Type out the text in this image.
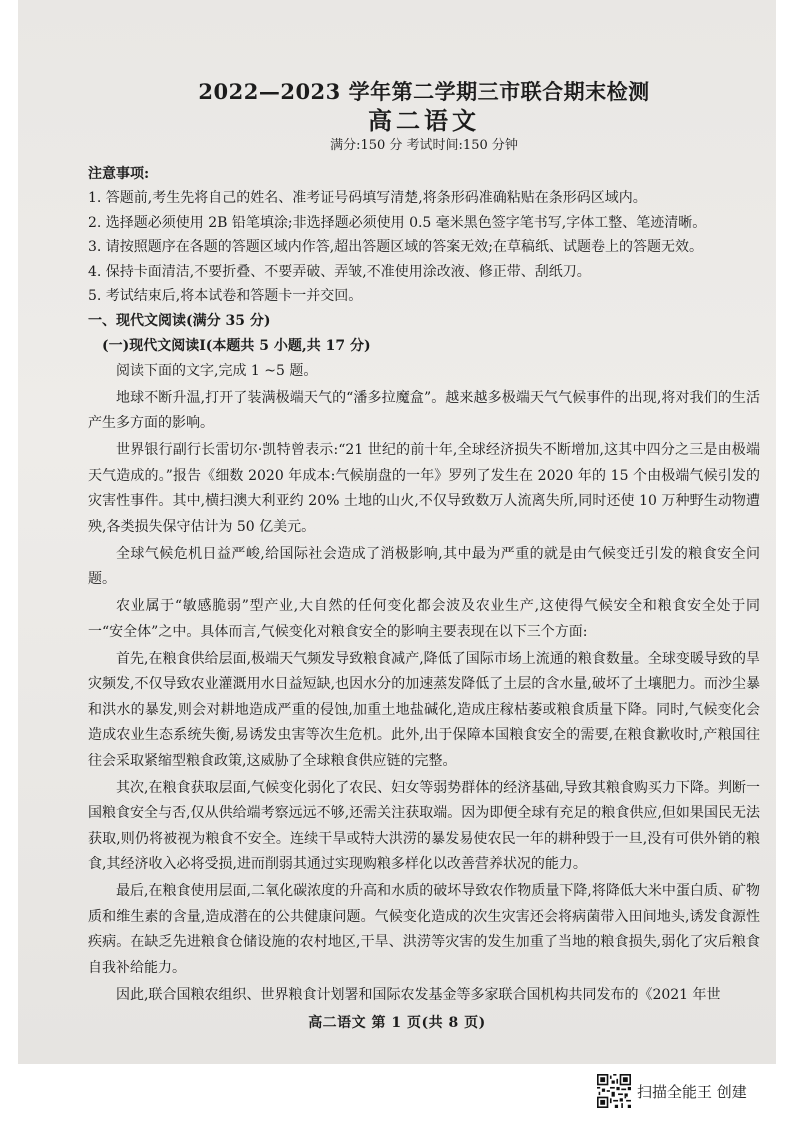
2022—2023 学年第二学期三市联合期末检测

高二语文

满分:150 分 考试时间:150 分钟

注意事项:

1. 答题前,考生先将自己的姓名、准考证号码填写清楚,将条形码准确粘贴在条形码区域内。

2. 选择题必须使用 2B 铅笔填涂;非选择题必须使用 0.5 毫米黑色签字笔书写,字体工整、笔迹清晰。

3. 请按照题序在各题的答题区域内作答,超出答题区域的答案无效;在草稿纸、试题卷上的答题无效。

4. 保持卡面清洁,不要折叠、不要弄破、弄皱,不准使用涂改液、修正带、刮纸刀。

5. 考试结束后,将本试卷和答题卡一并交回。

一、现代文阅读(满分 35 分)

(一)现代文阅读Ⅰ(本题共 5 小题,共 17 分)

阅读下面的文字,完成 1 ~5 题。

地球不断升温,打开了装满极端天气的“潘多拉魔盒”。越来越多极端天气气候事件的出现,将对我们的生活产生多方面的影响。

世界银行副行长雷切尔·凯特曾表示:“21 世纪的前十年,全球经济损失不断增加,这其中四分之三是由极端天气造成的。”报告《细数 2020 年成本:气候崩盘的一年》罗列了发生在 2020 年的 15 个由极端气候引发的灾害性事件。其中,横扫澳大利亚约 20% 土地的山火,不仅导致数万人流离失所,同时还使 10 万种野生动物遭殃,各类损失保守估计为 50 亿美元。

全球气候危机日益严峻,给国际社会造成了消极影响,其中最为严重的就是由气候变迁引发的粮食安全问题。

农业属于“敏感脆弱”型产业,大自然的任何变化都会波及农业生产,这使得气候安全和粮食安全处于同一“安全体”之中。具体而言,气候变化对粮食安全的影响主要表现在以下三个方面:

首先,在粮食供给层面,极端天气频发导致粮食减产,降低了国际市场上流通的粮食数量。全球变暖导致的旱灾频发,不仅导致农业灌溉用水日益短缺,也因水分的加速蒸发降低了土层的含水量,破坏了土壤肥力。而沙尘暴和洪水的暴发,则会对耕地造成严重的侵蚀,加重土地盐碱化,造成庄稼枯萎或粮食质量下降。同时,气候变化会造成农业生态系统失衡,易诱发虫害等次生危机。此外,出于保障本国粮食安全的需要,在粮食歉收时,产粮国往往会采取紧缩型粮食政策,这威胁了全球粮食供应链的完整。

其次,在粮食获取层面,气候变化弱化了农民、妇女等弱势群体的经济基础,导致其粮食购买力下降。判断一国粮食安全与否,仅从供给端考察远远不够,还需关注获取端。因为即便全球有充足的粮食供应,但如果国民无法获取,则仍将被视为粮食不安全。连续干旱或特大洪涝的暴发易使农民一年的耕种毁于一旦,没有可供外销的粮食,其经济收入必将受损,进而削弱其通过实现购粮多样化以改善营养状况的能力。

最后,在粮食使用层面,二氧化碳浓度的升高和水质的破坏导致农作物质量下降,将降低大米中蛋白质、矿物质和维生素的含量,造成潜在的公共健康问题。气候变化造成的次生灾害还会将病菌带入田间地头,诱发食源性疾病。在缺乏先进粮食仓储设施的农村地区,干旱、洪涝等灾害的发生加重了当地的粮食损失,弱化了灾后粮食自我补给能力。

因此,联合国粮农组织、世界粮食计划署和国际农发基金等多家联合国机构共同发布的《2021 年世

高二语文 第 1 页(共 8 页)
扫描全能王 创建
